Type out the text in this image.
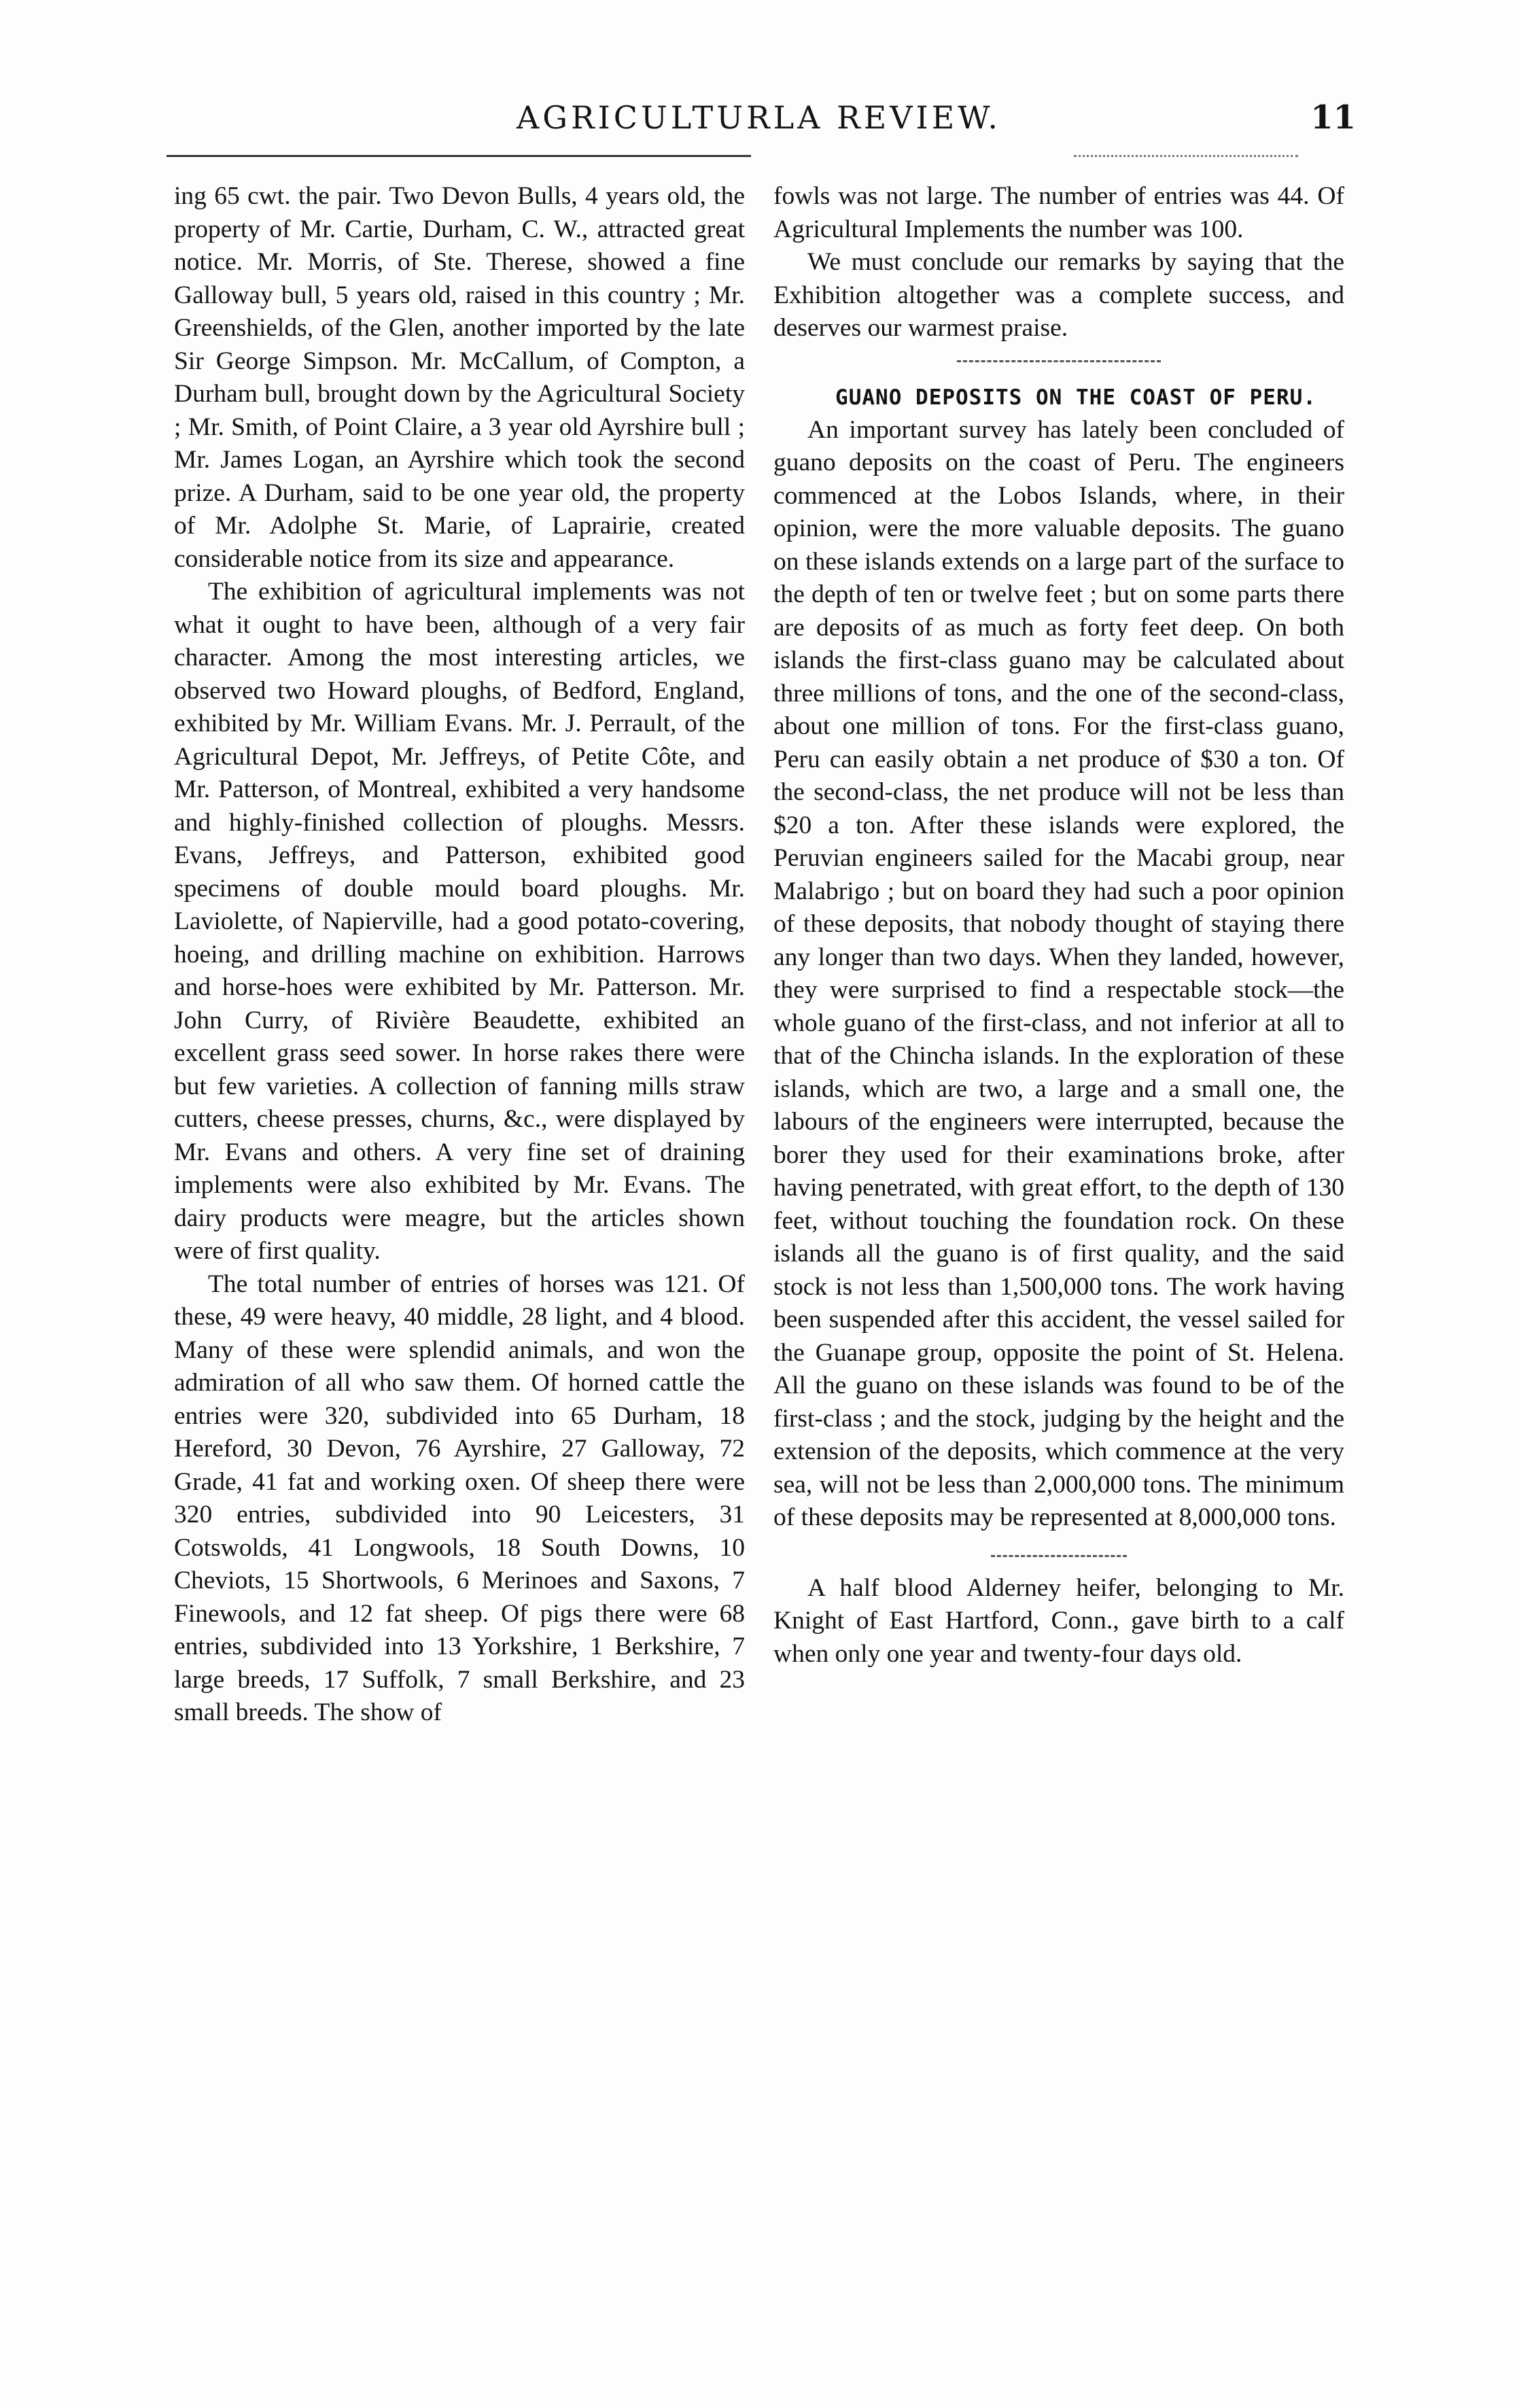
AGRICULTURLA REVIEW.	11

ing 65 cwt. the pair. Two Devon Bulls, 4 years old, the property of Mr. Cartie, Durham, C. W., attracted great notice. Mr. Morris, of Ste. Therese, showed a fine Galloway bull, 5 years old, raised in this country ; Mr. Greenshields, of the Glen, another imported by the late Sir George Simpson. Mr. McCallum, of Compton, a Durham bull, brought down by the Agricultural Society ; Mr. Smith, of Point Claire, a 3 year old Ayrshire bull ; Mr. James Logan, an Ayrshire which took the second prize. A Durham, said to be one year old, the property of Mr. Adolphe St. Marie, of Laprairie, created considerable notice from its size and appearance.

The exhibition of agricultural implements was not what it ought to have been, although of a very fair character. Among the most interesting articles, we observed two Howard ploughs, of Bedford, England, exhibited by Mr. William Evans. Mr. J. Perrault, of the Agricultural Depot, Mr. Jeffreys, of Petite Côte, and Mr. Patterson, of Montreal, exhibited a very handsome and highly-finished collection of ploughs. Messrs. Evans, Jeffreys, and Patterson, exhibited good specimens of double mould board ploughs. Mr. Laviolette, of Napierville, had a good potato-covering, hoeing, and drilling machine on exhibition. Harrows and horse-hoes were exhibited by Mr. Patterson. Mr. John Curry, of Rivière Beaudette, exhibited an excellent grass seed sower. In horse rakes there were but few varieties. A collection of fanning mills straw cutters, cheese presses, churns, &c., were displayed by Mr. Evans and others. A very fine set of draining implements were also exhibited by Mr. Evans. The dairy products were meagre, but the articles shown were of first quality.

The total number of entries of horses was 121. Of these, 49 were heavy, 40 middle, 28 light, and 4 blood. Many of these were splendid animals, and won the admiration of all who saw them. Of horned cattle the entries were 320, subdivided into 65 Durham, 18 Hereford, 30 Devon, 76 Ayrshire, 27 Galloway, 72 Grade, 41 fat and working oxen. Of sheep there were 320 entries, subdivided into 90 Leicesters, 31 Cotswolds, 41 Longwools, 18 South Downs, 10 Cheviots, 15 Shortwools, 6 Merinoes and Saxons, 7 Finewools, and 12 fat sheep. Of pigs there were 68 entries, subdivided into 13 Yorkshire, 1 Berkshire, 7 large breeds, 17 Suffolk, 7 small Berkshire, and 23 small breeds. The show of

fowls was not large. The number of entries was 44. Of Agricultural Implements the number was 100.

We must conclude our remarks by saying that the Exhibition altogether was a complete success, and deserves our warmest praise.

GUANO DEPOSITS ON THE COAST OF PERU.

An important survey has lately been concluded of guano deposits on the coast of Peru. The engineers commenced at the Lobos Islands, where, in their opinion, were the more valuable deposits. The guano on these islands extends on a large part of the surface to the depth of ten or twelve feet ; but on some parts there are deposits of as much as forty feet deep. On both islands the first-class guano may be calculated about three millions of tons, and the one of the second-class, about one million of tons. For the first-class guano, Peru can easily obtain a net produce of $30 a ton. Of the second-class, the net produce will not be less than $20 a ton. After these islands were explored, the Peruvian engineers sailed for the Macabi group, near Malabrigo ; but on board they had such a poor opinion of these deposits, that nobody thought of staying there any longer than two days. When they landed, however, they were surprised to find a respectable stock—the whole guano of the first-class, and not inferior at all to that of the Chincha islands. In the exploration of these islands, which are two, a large and a small one, the labours of the engineers were interrupted, because the borer they used for their examinations broke, after having penetrated, with great effort, to the depth of 130 feet, without touching the foundation rock. On these islands all the guano is of first quality, and the said stock is not less than 1,500,000 tons. The work having been suspended after this accident, the vessel sailed for the Guanape group, opposite the point of St. Helena. All the guano on these islands was found to be of the first-class ; and the stock, judging by the height and the extension of the deposits, which commence at the very sea, will not be less than 2,000,000 tons. The minimum of these deposits may be represented at 8,000,000 tons.

A half blood Alderney heifer, belonging to Mr. Knight of East Hartford, Conn., gave birth to a calf when only one year and twenty-four days old.
